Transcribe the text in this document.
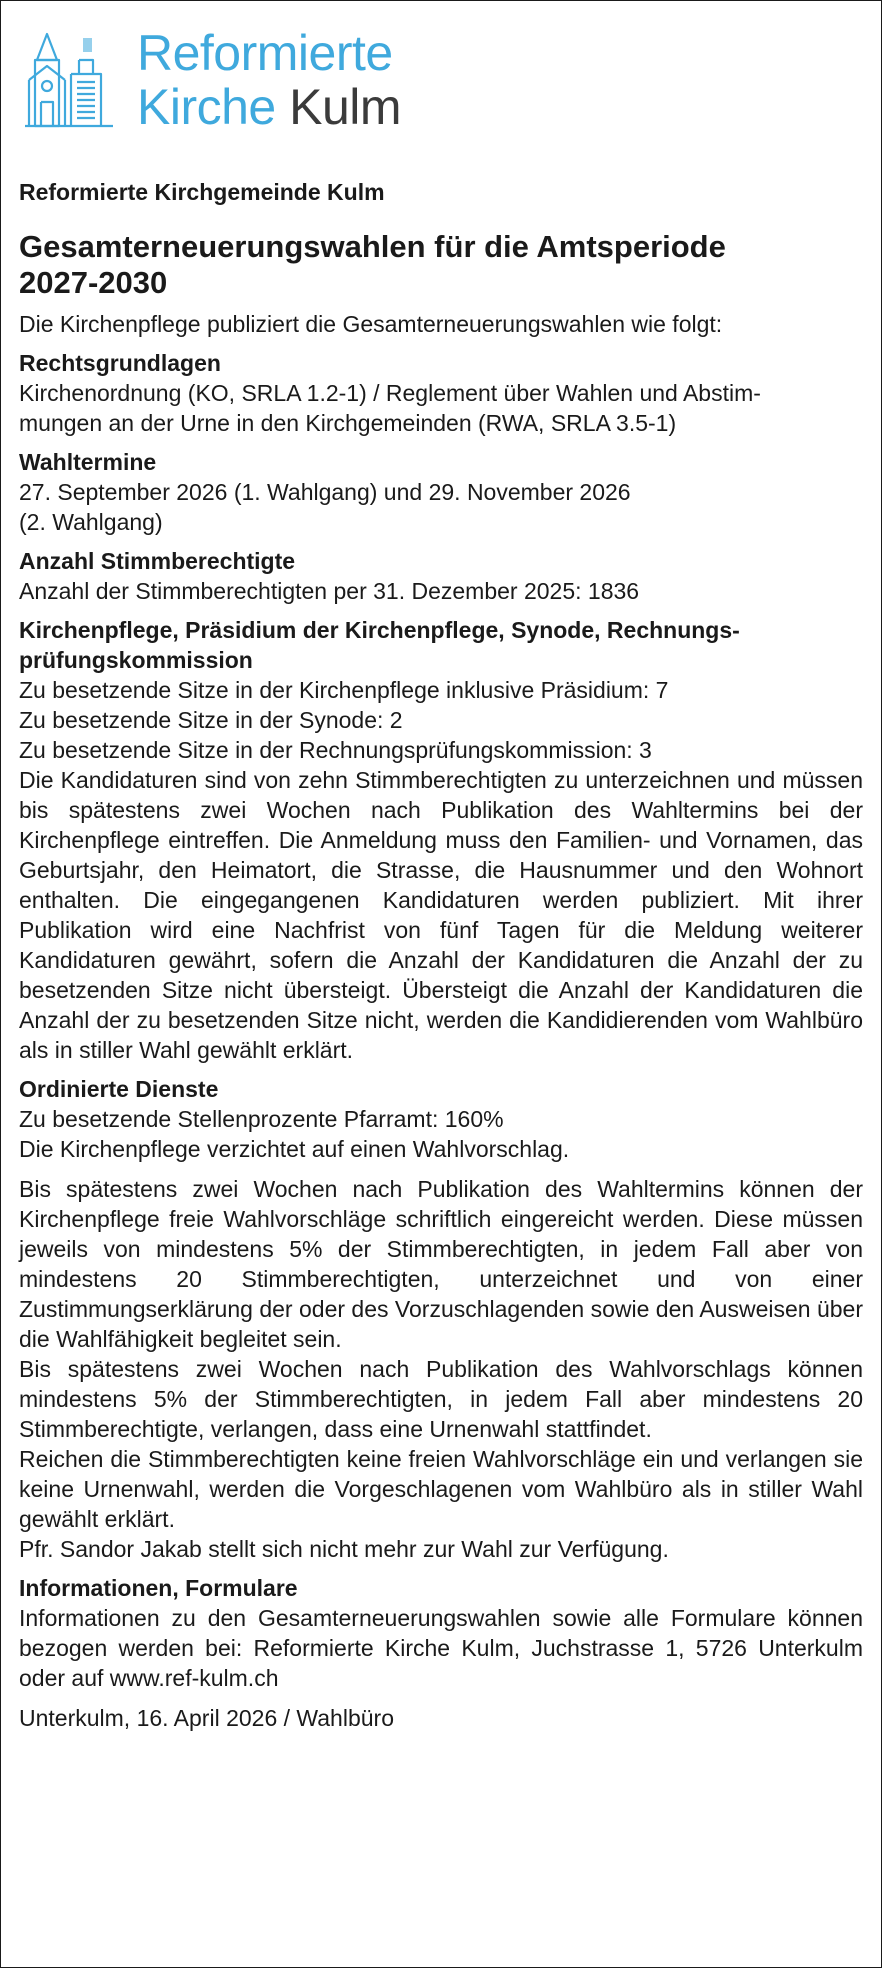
Reformierte
Kirche Kulm

Reformierte Kirchgemeinde Kulm

Gesamterneuerungswahlen für die Amtsperiode
2027-2030

Die Kirchenpflege publiziert die Gesamterneuerungswahlen wie folgt:

Rechtsgrundlagen

Kirchenordnung (KO, SRLA 1.2-1) / Reglement über Wahlen und Abstim-

mungen an der Urne in den Kirchgemeinden (RWA, SRLA 3.5-1)

Wahltermine

27. September 2026 (1. Wahlgang) und 29. November 2026

(2. Wahlgang)

Anzahl Stimmberechtigte

Anzahl der Stimmberechtigten per 31. Dezember 2025: 1836

Kirchenpflege, Präsidium der Kirchenpflege, Synode, Rechnungs-
prüfungskommission

Zu besetzende Sitze in der Kirchenpflege inklusive Präsidium: 7

Zu besetzende Sitze in der Synode: 2

Zu besetzende Sitze in der Rechnungsprüfungskommission: 3

Die Kandidaturen sind von zehn Stimmberechtigten zu unterzeichnen und müssen bis spätestens zwei Wochen nach Publikation des Wahltermins bei der Kirchenpflege eintreffen. Die Anmeldung muss den Familien- und Vornamen, das Geburtsjahr, den Heimatort, die Strasse, die Hausnummer und den Wohnort enthalten. Die eingegangenen Kandidaturen werden publiziert. Mit ihrer Publikation wird eine Nachfrist von fünf Tagen für die Meldung weiterer Kandidaturen gewährt, sofern die Anzahl der Kandidaturen die Anzahl der zu besetzenden Sitze nicht übersteigt. Übersteigt die Anzahl der Kandidaturen die Anzahl der zu besetzenden Sitze nicht, werden die Kandidierenden vom Wahlbüro als in stiller Wahl gewählt erklärt.

Ordinierte Dienste

Zu besetzende Stellenprozente Pfarramt: 160%

Die Kirchenpflege verzichtet auf einen Wahlvorschlag.

Bis spätestens zwei Wochen nach Publikation des Wahltermins können der Kirchenpflege freie Wahlvorschläge schriftlich eingereicht werden. Diese müssen jeweils von mindestens 5% der Stimmberechtigten, in jedem Fall aber von mindestens 20 Stimmberechtigten, unterzeichnet und von einer Zustimmungserklärung der oder des Vorzuschlagenden sowie den Ausweisen über die Wahlfähigkeit begleitet sein.

Bis spätestens zwei Wochen nach Publikation des Wahlvorschlags können mindestens 5% der Stimmberechtigten, in jedem Fall aber mindestens 20 Stimmberechtigte, verlangen, dass eine Urnenwahl stattfindet.

Reichen die Stimmberechtigten keine freien Wahlvorschläge ein und verlangen sie keine Urnenwahl, werden die Vorgeschlagenen vom Wahlbüro als in stiller Wahl gewählt erklärt.

Pfr. Sandor Jakab stellt sich nicht mehr zur Wahl zur Verfügung.

Informationen, Formulare

Informationen zu den Gesamterneuerungswahlen sowie alle Formulare können bezogen werden bei: Reformierte Kirche Kulm, Juchstrasse 1, 5726 Unterkulm oder auf www.ref-kulm.ch

Unterkulm, 16. April 2026 / Wahlbüro
